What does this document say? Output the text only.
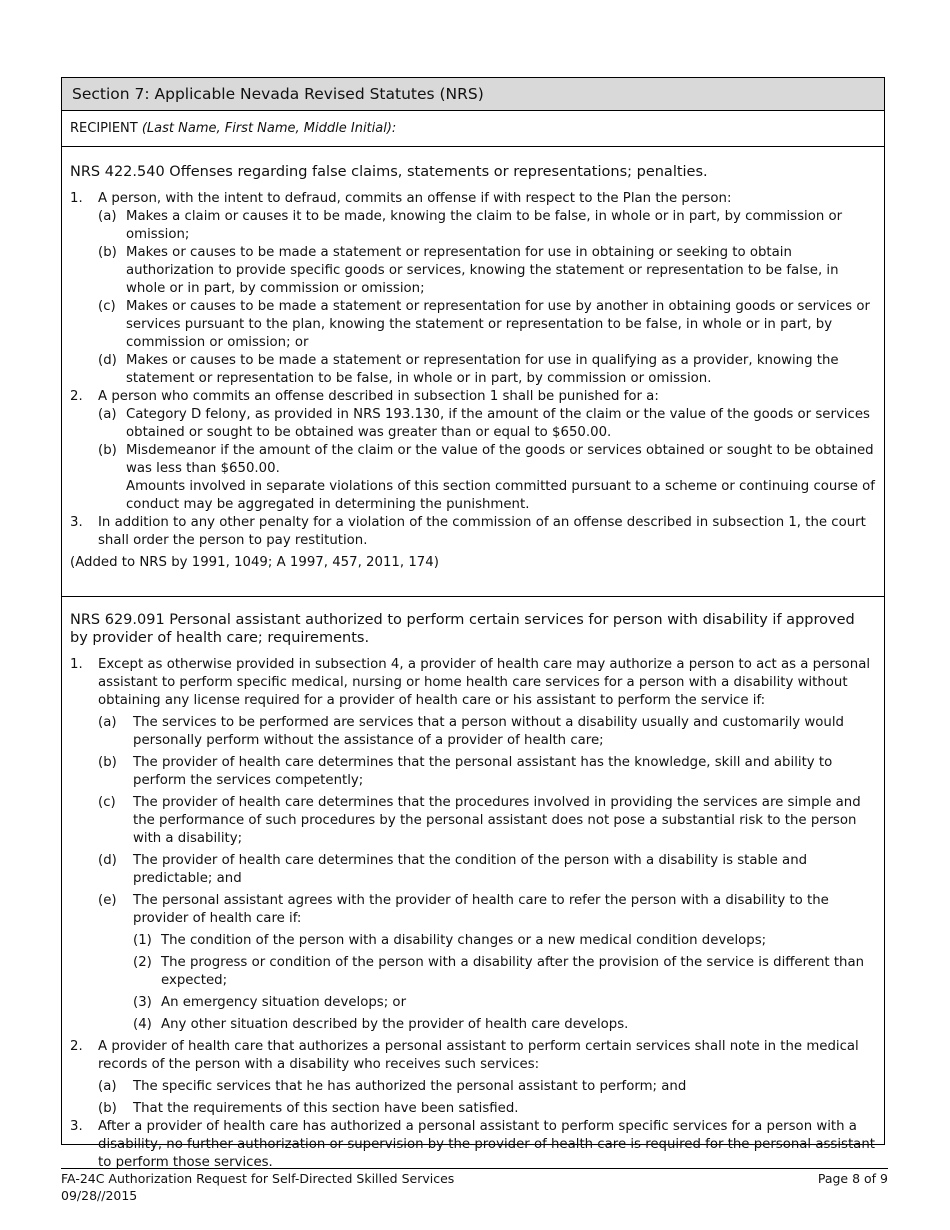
Section 7: Applicable Nevada Revised Statutes (NRS)
RECIPIENT (Last Name, First Name, Middle Initial):
NRS 422.540 Offenses regarding false claims, statements or representations; penalties.
1.	A person, with the intent to defraud, commits an offense if with respect to the Plan the person:
(a) Makes a claim or causes it to be made, knowing the claim to be false, in whole or in part, by commission or omission;
(b) Makes or causes to be made a statement or representation for use in obtaining or seeking to obtain authorization to provide specific goods or services, knowing the statement or representation to be false, in whole or in part, by commission or omission;
(c) Makes or causes to be made a statement or representation for use by another in obtaining goods or services or services pursuant to the plan, knowing the statement or representation to be false, in whole or in part, by commission or omission; or
(d) Makes or causes to be made a statement or representation for use in qualifying as a provider, knowing the statement or representation to be false, in whole or in part, by commission or omission.
2.	A person who commits an offense described in subsection 1 shall be punished for a:
(a) Category D felony, as provided in NRS 193.130, if the amount of the claim or the value of the goods or services obtained or sought to be obtained was greater than or equal to $650.00.
(b) Misdemeanor if the amount of the claim or the value of the goods or services obtained or sought to be obtained was less than $650.00.
Amounts involved in separate violations of this section committed pursuant to a scheme or continuing course of conduct may be aggregated in determining the punishment.
3.	In addition to any other penalty for a violation of the commission of an offense described in subsection 1, the court shall order the person to pay restitution.
(Added to NRS by 1991, 1049; A 1997, 457, 2011, 174)
NRS 629.091 Personal assistant authorized to perform certain services for person with disability if approved by provider of health care; requirements.
1.	Except as otherwise provided in subsection 4, a provider of health care may authorize a person to act as a personal assistant to perform specific medical, nursing or home health care services for a person with a disability without obtaining any license required for a provider of health care or his assistant to perform the service if:
(a)	The services to be performed are services that a person without a disability usually and customarily would personally perform without the assistance of a provider of health care;
(b)	The provider of health care determines that the personal assistant has the knowledge, skill and ability to perform the services competently;
(c)	The provider of health care determines that the procedures involved in providing the services are simple and the performance of such procedures by the personal assistant does not pose a substantial risk to the person with a disability;
(d)	The provider of health care determines that the condition of the person with a disability is stable and predictable; and
(e)	The personal assistant agrees with the provider of health care to refer the person with a disability to the provider of health care if:
(1) The condition of the person with a disability changes or a new medical condition develops;
(2) The progress or condition of the person with a disability after the provision of the service is different than expected;
(3) An emergency situation develops; or
(4) Any other situation described by the provider of health care develops.
2.	A provider of health care that authorizes a personal assistant to perform certain services shall note in the medical records of the person with a disability who receives such services:
(a)	The specific services that he has authorized the personal assistant to perform; and
(b)	That the requirements of this section have been satisfied.
3.	After a provider of health care has authorized a personal assistant to perform specific services for a person with a disability, no further authorization or supervision by the provider of health care is required for the personal assistant to perform those services.
FA-24C Authorization Request for Self-Directed Skilled Services
09/28//2015
Page 8 of 9
